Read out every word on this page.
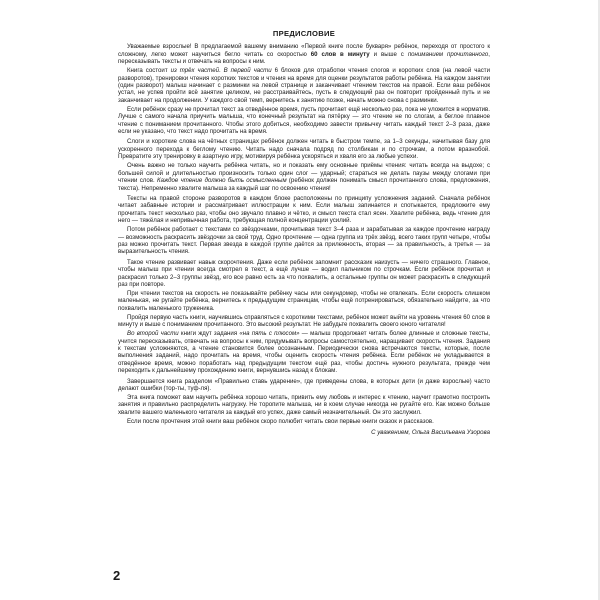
ПРЕДИСЛОВИЕ

Уважаемые взрослые! В предлагаемой вашему вниманию «Первой книге после букваря» ребёнок, переходя от простого к сложному, легко может научиться бегло читать со скоростью 60 слов в минуту и выше с пониманием прочитанного, пересказывать тексты и отвечать на вопросы к ним.

Книга состоит из трёх частей. В первой части 6 блоков для отработки чтения слогов и коротких слов (на левой части разворотов), тренировки чтения коротких текстов и чтения на время для оценки результатов работы ребёнка. На каждом занятии (один разворот) малыш начинает с разминки на левой странице и заканчивает чтением текстов на правой. Если ваш ребёнок устал, не успев пройти всё занятие целиком, не расстраивайтесь, пусть в следующий раз он повторит пройденный путь и не заканчивает на продолжении. У каждого свой темп, вернитесь к занятию позже, начать можно снова с разминки.

Если ребёнок сразу не прочитал текст за отведённое время, пусть прочитает ещё несколько раз, пока не уложится в норматив. Лучше с самого начала приучить малыша, что конечный результат на пятёрку — это чтение не по слогам, а беглое плавное чтение с пониманием прочитанного. Чтобы этого добиться, необходимо завести привычку читать каждый текст 2–3 раза, даже если не указано, что текст надо прочитать на время.

Слоги и короткие слова на чётных страницах ребёнок должен читать в быстром темпе, за 1–3 секунды, начитывая базу для ускоренного перехода к беглому чтению. Читать надо сначала подряд по столбикам и по строчкам, а потом вразнобой. Превратите эту тренировку в азартную игру, мотивируя ребёнка ускоряться и хваля его за любые успехи.

Очень важно не только научить ребёнка читать, но и показать ему основные приёмы чтения: читать всегда на выдохе; с большей силой и длительностью произносить только один слог — ударный; стараться не делать паузы между слогами при чтении слов. Каждое чтение должно быть осмысленным (ребёнок должен понимать смысл прочитанного слова, предложения, текста). Непременно хвалите малыша за каждый шаг по освоению чтения!

Тексты на правой стороне разворотов в каждом блоке расположены по принципу усложнения заданий. Сначала ребёнок читает забавные истории и рассматривает иллюстрации к ним. Если малыш запинается и спотыкается, предложите ему прочитать текст несколько раз, чтобы оно звучало плавно и чётко, и смысл текста стал ясен. Хвалите ребёнка, ведь чтение для него — тяжёлая и непривычная работа, требующая полной концентрации усилий.

Потом ребёнок работает с текстами со звёздочками, прочитывая текст 3–4 раза и зарабатывая за каждое прочтение награду — возможность раскрасить звёздочки за свой труд. Одно прочтение — одна группа из трёх звёзд, всего таких групп четыре, чтобы раз можно прочитать текст. Первая звезда в каждой группе даётся за прилежность, вторая — за правильность, а третья — за выразительность чтения.

Такое чтение развивает навык скорочтения. Даже если ребёнок запомнит рассказик наизусть — ничего страшного. Главное, чтобы малыш при чтении всегда смотрел в текст, а ещё лучше — водил пальчиком по строчкам. Если ребёнок прочитал и раскрасил только 2–3 группы звёзд, его все равно есть за что похвалить, а остальные группы он может раскрасить в следующий раз при повторе.

При чтении текстов на скорость не показывайте ребёнку часы или секундомер, чтобы не отвлекать. Если скорость слишком маленькая, не ругайте ребёнка, вернитесь к предыдущим страницам, чтобы ещё потренироваться, обязательно найдите, за что похвалить маленького труженика.

Пройдя первую часть книги, научившись справляться с короткими текстами, ребёнок может выйти на уровень чтения 60 слов в минуту и выше с пониманием прочитанного. Это высокий результат. Не забудьте похвалить своего юного читателя!

Во второй части книги ждут задания «на пять с плюсом» — малыш продолжает читать более длинные и сложные тексты, учится пересказывать, отвечать на вопросы к ним, придумывать вопросы самостоятельно, наращивает скорость чтения. Задания к текстам усложняются, а чтение становится более осознанным. Периодически снова встречаются тексты, которые, после выполнения заданий, надо прочитать на время, чтобы оценить скорость чтения ребёнка. Если ребёнок не укладывается в отведённое время, можно поработать над предыдущим текстом ещё раз, чтобы достичь нужного результата, прежде чем переходить к дальнейшему прохождению книги, вернувшись назад к блокам.

Завершается книга разделом «Правильно ставь ударение», где приведены слова, в которых дети (и даже взрослые) часто делают ошибки (тор-ты, туф-ля).

Эта книга поможет вам научить ребёнка хорошо читать, привить ему любовь и интерес к чтению, научит грамотно построить занятия и правильно распределить нагрузку. Не торопите малыша, ни в коем случае никогда не ругайте его. Как можно больше хвалите вашего маленького читателя за каждый его успех, даже самый незначительный. Он это заслужил.

Если после прочтения этой книги ваш ребёнок скоро полюбит читать свои первые книги сказок и рассказов.

С уважением, Ольга Васильевна Узорова

2
